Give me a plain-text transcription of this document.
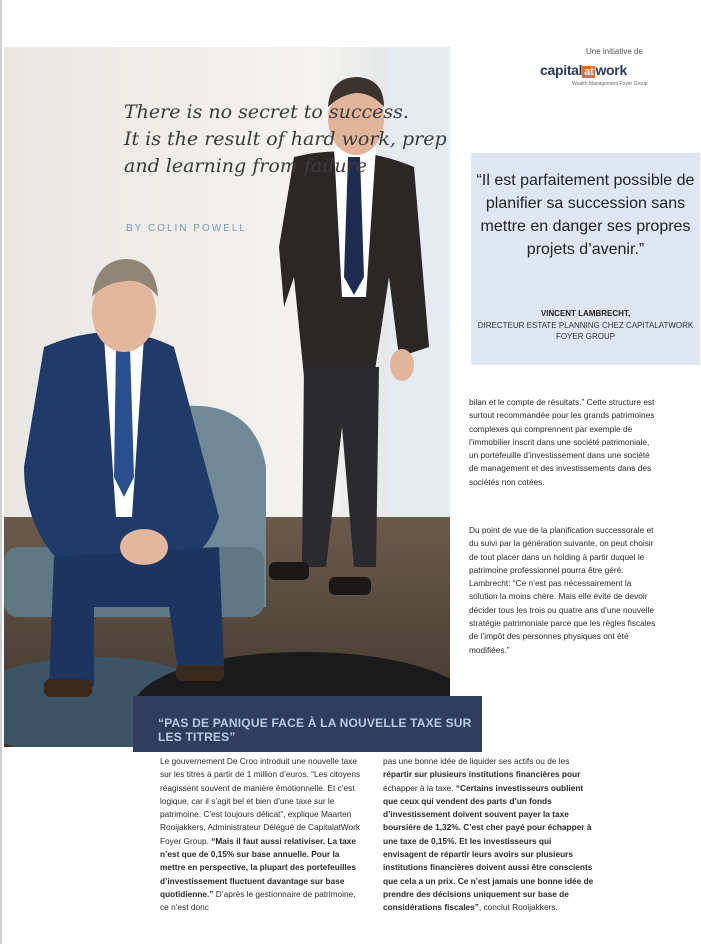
There is no secret to success.
It is the result of hard work, prep
and learning from failure
BY COLIN POWELL
Une initiative de
capital at work
Wealth Management Foyer Group
“Il est parfaitement possible de planifier sa succession sans mettre en danger ses propres projets d’avenir.”
VINCENT LAMBRECHT,
DIRECTEUR ESTATE PLANNING CHEZ CAPITALATWORK FOYER GROUP

bilan et le compte de résultats.” Cette structure est surtout recommandée pour les grands patrimoines complexes qui comprennent par exemple de l’immobilier inscrit dans une société patrimoniale, un portefeuille d’investissement dans une société de management et des investissements dans des sociétés non cotées.

Du point de vue de la planification successorale et du suivi par la génération suivante, on peut choisir de tout placer dans un holding à partir duquel le patrimoine professionnel pourra être géré. Lambrecht: “Ce n’est pas nécessairement la solution la moins chère. Mais elle évite de devoir décider tous les trois ou quatre ans d’une nouvelle stratégie patrimoniale parce que les règles fiscales de l’impôt des personnes physiques ont été modifiées.”

“PAS DE PANIQUE FACE À LA NOUVELLE TAXE SUR LES TITRES”

Le gouvernement De Croo introduit une nouvelle taxe sur les titres à partir de 1 million d’euros. “Les citoyens réagissent souvent de manière émotionnelle. Et c’est logique, car il s’agit bel et bien d’une taxe sur le patrimoine. C’est toujours délicat”, explique Maarten Rooijakkers, Administrateur Délégué de CapitalatWork Foyer Group. “Mais il faut aussi relativiser. La taxe n’est que de 0,15% sur base annuelle. Pour la mettre en perspective, la plupart des portefeuilles d’investissement fluctuent davantage sur base quotidienne.” D’après le gestionnaire de patrimoine, ce n’est donc

pas une bonne idée de liquider ses actifs ou de les répartir sur plusieurs institutions financières pour échapper à la taxe. “Certains investisseurs oublient que ceux qui vendent des parts d’un fonds d’investissement doivent souvent payer la taxe boursière de 1,32%. C’est cher payé pour échapper à une taxe de 0,15%. Et les investisseurs qui envisagent de répartir leurs avoirs sur plusieurs institutions financières doivent aussi être conscients que cela a un prix. Ce n’est jamais une bonne idée de prendre des décisions uniquement sur base de considérations fiscales”, conclut Rooijakkers.
